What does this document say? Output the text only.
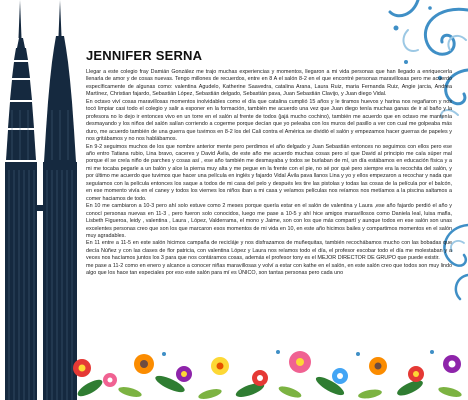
JENNIFER SERNA

Llegar a este colegio fray Damián González me trajo muchas experiencias y momentos, llegaron a mi vida personas que han llegado a enriquecerla llenarla de amor y de cosas nuevas. Tengo millones de recuerdos, entre en 8 A el salón 8-2 en el que encontré personas maravillosas pero me acuerdo específicamente de algunas como: valentina Agudelo, Katherine Saavedra, catalina Arana, Laura Ruiz, maria Fernanda Ruiz, Angie jarcia, Andrea Martínez, Christian fajardo, Sebastián López, Sebastián delgado, Sebastián pava, Juan Sebastián Clavijo, y Juan diego Vidal.

En octavo viví cosas maravillosas momentos inolvidables como el día que catalina cumplió 15 años y le tiramos huevos y harina nos regañaron y nos tocó limpiar casi todo el colegio y salir a esponer en la formación, también me acuerdo una vez que Juan diego tenía muchas ganas de ir al baño y la profesora no lo dejo ir entonces vivo en un torre en el salón al frente de todos (jajá mucho cochino), también me acuerdo que en octavo me mantenía desmayando y los niños del salón salían corriendo a cogerme porque decían que yo peleaba con los muros del pasillo a ver con cual me golpeaba más duro, me acuerdo también de una guerra que tuvimos en 8-2 los del Cali contra el América se dividió el salón y empezamos hacer guerras de papeles y nos gritábamos y no nos hablábamos.

En 9-2 seguimos muchos de los que nombre anterior mente pero perdimos el año delgado y Juan Sebastián entonces no seguimos con ellos pero ese año entro Tatiana rubio, Lina bravo, caceres y David Ávila, de este año me acuerdo muchas cosas pero sí que David al principio me caía súper mal porque él se creía niño de parches y cosas así , ese año también me desmayaba y todos se burlaban de mí, un día estábamos en educación física y a mi me tocaba pegarle a un balón y alce la pierna muy alta y me pegue en la frente con el pie, no sé por qué pero siempre era la recochita del salón, y por último me acuerdo que tuvimos que hacer una película en inglés y fajardo Vidal Ávila pava llanos Lina y yo y ellos empezaron a recochar y nada que seguíamos con la película entonces los saque a todos de mi casa del pelo y después les tire las pistolas y todas las cosas de la película por el balcón, en ese momento vivía en el caney y todos los viernes los niños iban a mi casa y veíamos películas nos reíamos nos metíamos a la piscina saltamos a comer haciamos de todo.

En 10 me cambiaron a 10-3 pero ahí solo estuve como 2 meses porque quería estar en el salón de valentina y Laura ,ese año fajardo perdió el año y conocí personas nuevas en 11-3 , pero fueron solo conocidos, luego me pase a 10-5 y ahí hice amigos maravillosos como Daniela leal, luisa mafla, Lisbeth Figueroa, leidy , valentina , Laura , López, Valderrama, el mono y Jaime, son con los que más compartí y aunque todos en ese salón son unas excelentes personas creo que son los que marcaron esos momentos de mi vida en 10, en este año hicimos bailes y compartimos momentos en el salón muy agradables.

En 11 entre a 11-5 en este salón hicimos campaña de recicláje y nos disfrazamos de muñequitas, también recochábamos mucho con las bobadas que decía Núñez y con las clases de flor patricia, con valentina López y Laura nos reíamos todo el día, el profesor escobar todo el día me molestaban y a veces nos hacíamos juntos los 3 para que nos contáramos cosas, además el profesor tony es el MEJOR DIRECTOR DE GRUPO que puede existir.

me pase a 11-2 como en enero y alcance a conocer niñas maravillosas y volví a estar con kathe en el salón, en este salón creo que todos son muy lindo algo que los hace tan especiales por eso este salón para mí es ÚNICO, son tantas personas pero cada uno
